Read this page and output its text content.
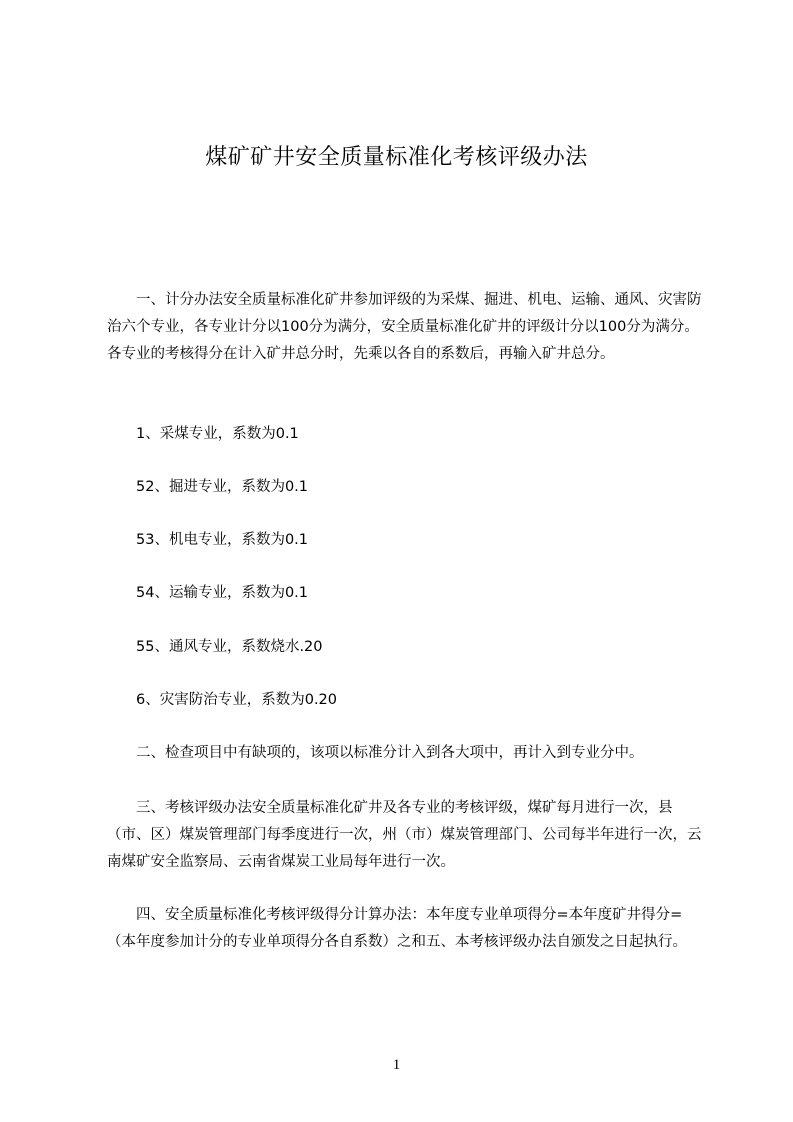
煤矿矿井安全质量标准化考核评级办法

一、计分办法安全质量标准化矿井参加评级的为采煤、掘进、机电、运输、通风、灾害防治六个专业，各专业计分以100分为满分，安全质量标准化矿井的评级计分以100分为满分。各专业的考核得分在计入矿井总分时，先乘以各自的系数后，再输入矿井总分。

1、采煤专业，系数为0.1
52、掘进专业，系数为0.1
53、机电专业，系数为0.1
54、运输专业，系数为0.1
55、通风专业，系数烧水.20
6、灾害防治专业，系数为0.20

二、检查项目中有缺项的，该项以标准分计入到各大项中，再计入到专业分中。

三、考核评级办法安全质量标准化矿井及各专业的考核评级，煤矿每月进行一次，县（市、区）煤炭管理部门每季度进行一次，州（市）煤炭管理部门、公司每半年进行一次，云南煤矿安全监察局、云南省煤炭工业局每年进行一次。

四、安全质量标准化考核评级得分计算办法：本年度专业单项得分=本年度矿井得分=（本年度参加计分的专业单项得分各自系数）之和五、本考核评级办法自颁发之日起执行。

1
